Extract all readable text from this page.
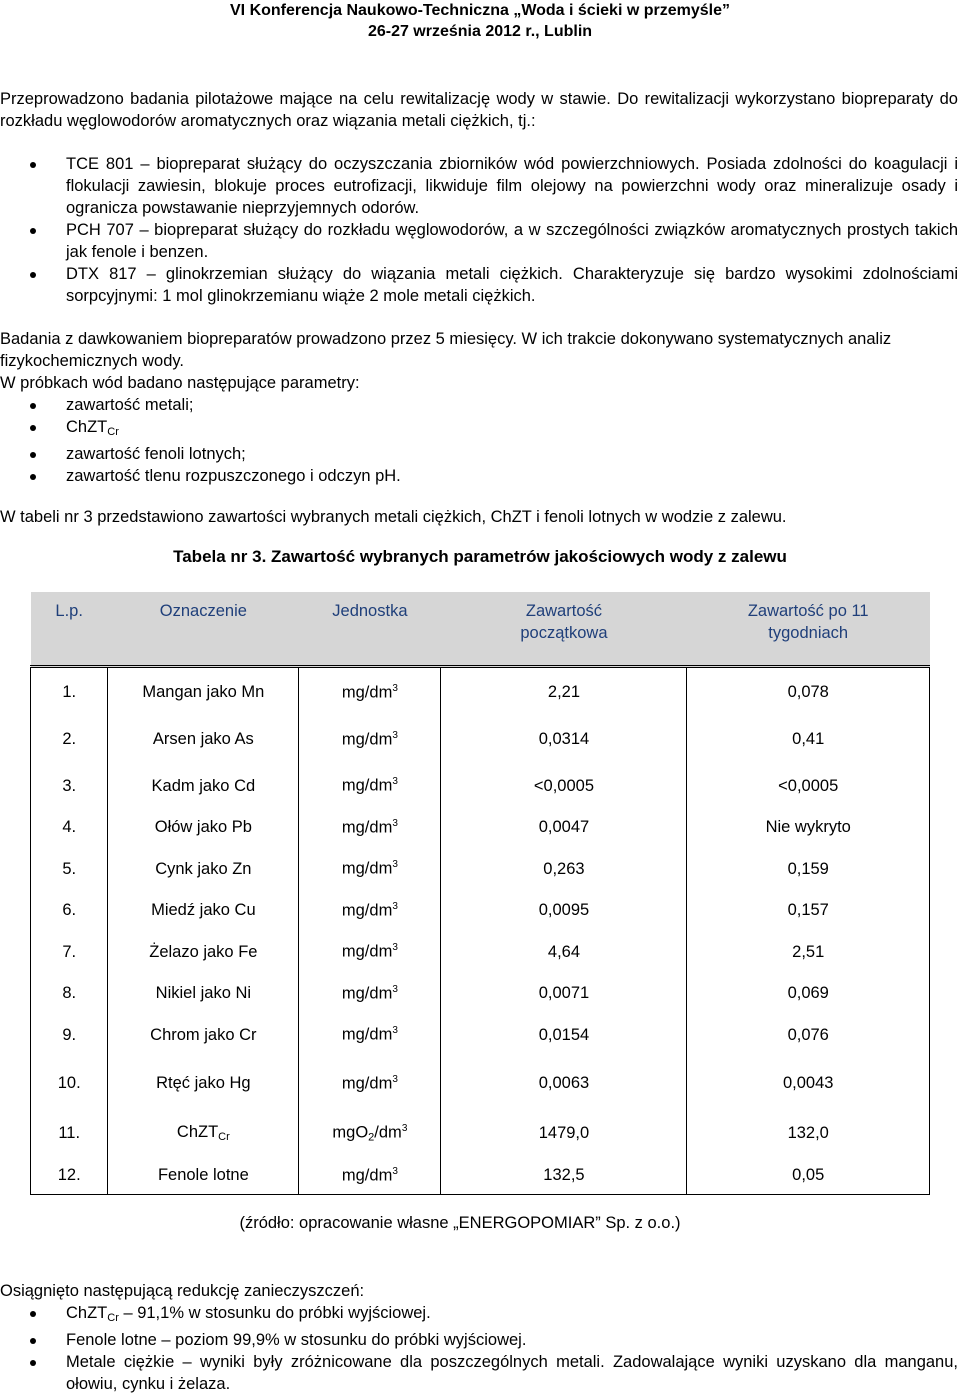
VI Konferencja Naukowo-Techniczna „Woda i ścieki w przemyśle”
26-27 września 2012 r., Lublin

Przeprowadzono badania pilotażowe mające na celu rewitalizację wody w stawie. Do rewitalizacji wykorzystano biopreparaty do rozkładu węglowodorów aromatycznych oraz wiązania metali ciężkich, tj.:

TCE 801 – biopreparat służący do oczyszczania zbiorników wód powierzchniowych. Posiada zdolności do koagulacji i flokulacji zawiesin, blokuje proces eutrofizacji, likwiduje film olejowy na powierzchni wody oraz mineralizuje osady i ogranicza powstawanie nieprzyjemnych odorów.
PCH 707 – biopreparat służący do rozkładu węglowodorów, a w szczególności związków aromatycznych prostych takich jak fenole i benzen.
DTX 817 – glinokrzemian służący do wiązania metali ciężkich. Charakteryzuje się bardzo wysokimi zdolnościami sorpcyjnymi: 1 mol glinokrzemianu wiąże 2 mole metali ciężkich.

Badania z dawkowaniem biopreparatów prowadzono przez 5 miesięcy. W ich trakcie dokonywano systematycznych analiz fizykochemicznych wody.

W próbkach wód badano następujące parametry:

zawartość metali;
ChZT$_{Cr}$
zawartość fenoli lotnych;
zawartość tlenu rozpuszczonego i odczyn pH.

W tabeli nr 3 przedstawiono zawartości wybranych metali ciężkich, ChZT i fenoli lotnych w wodzie z zalewu.

Tabela nr 3. Zawartość wybranych parametrów jakościowych wody z zalewu
L.p.	Oznaczenie	Jednostka	Zawartość początkowa	Zawartość po 11 tygodniach
1.	Mangan jako Mn	$mg/dm^3$	2,21	0,078
2.	Arsen jako As	$mg/dm^3$	0,0314	0,41
3.	Kadm jako Cd	$mg/dm^3$	<0,0005	<0,0005
4.	Ołów jako Pb	$mg/dm^3$	0,0047	Nie wykryto
5.	Cynk jako Zn	$mg/dm^3$	0,263	0,159
6.	Miedź jako Cu	$mg/dm^3$	0,0095	0,157
7.	Żelazo jako Fe	$mg/dm^3$	4,64	2,51
8.	Nikiel jako Ni	$mg/dm^3$	0,0071	0,069
9.	Chrom jako Cr	$mg/dm^3$	0,0154	0,076
10.	Rtęć jako Hg	$mg/dm^3$	0,0063	0,0043
11.	ChZT$_{Cr}$	$mgO_2/dm^3$	1479,0	132,0
12.	Fenole lotne	$mg/dm^3$	132,5	0,05
(źródło: opracowanie własne „ENERGOPOMIAR” Sp. z o.o.)

Osiągnięto następującą redukcję zanieczyszczeń:

ChZT$_{Cr}$ – 91,1% w stosunku do próbki wyjściowej.
Fenole lotne – poziom 99,9% w stosunku do próbki wyjściowej.
Metale ciężkie – wyniki były zróżnicowane dla poszczególnych metali. Zadowalające wyniki uzyskano dla manganu, ołowiu, cynku i żelaza.
